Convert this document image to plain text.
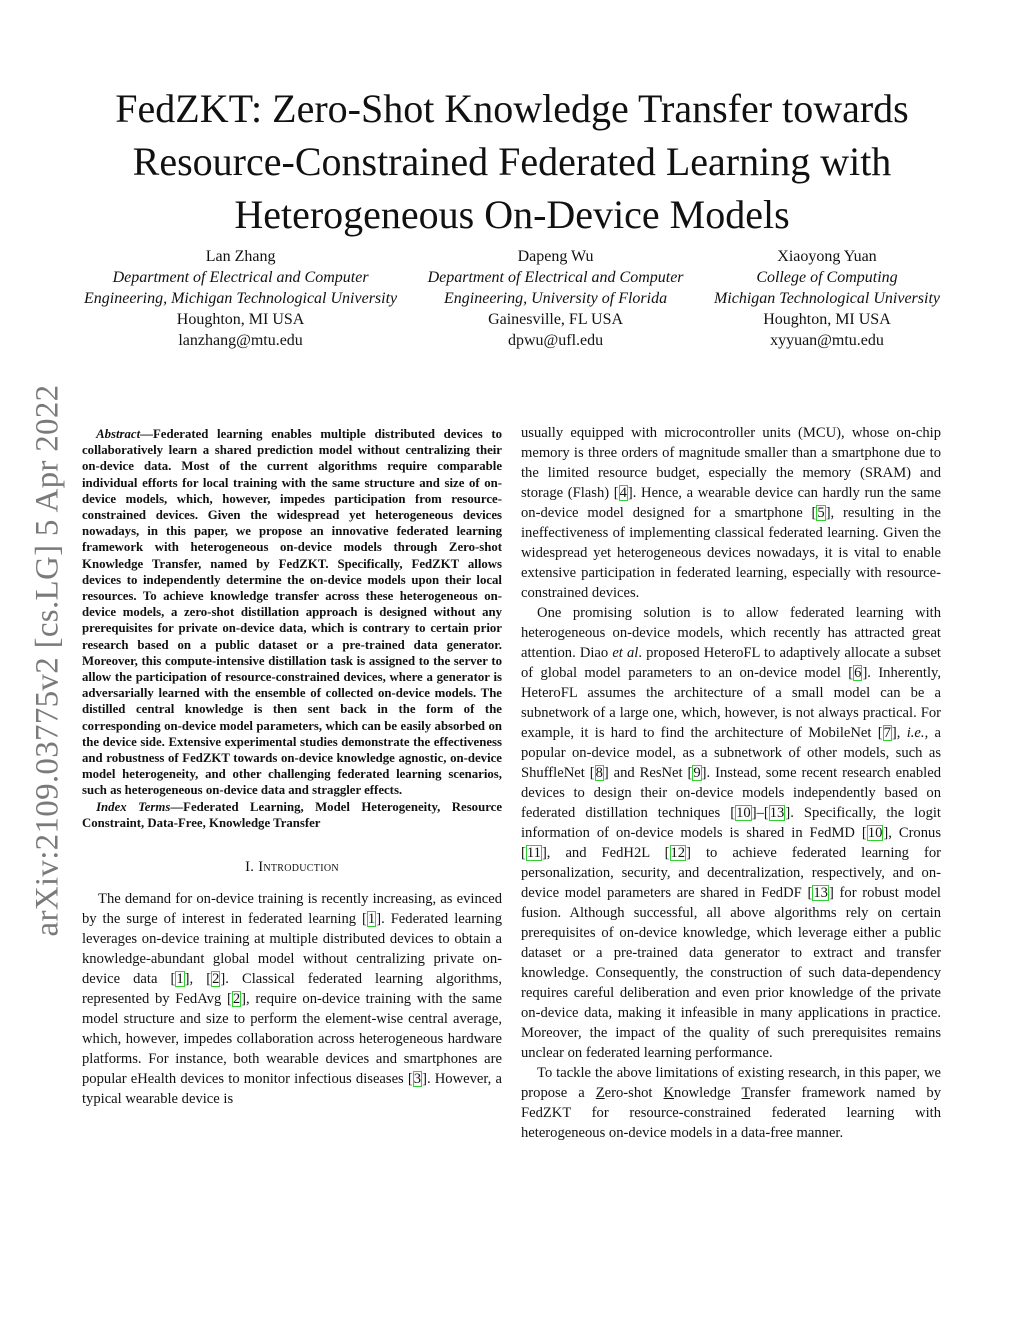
arXiv:2109.03775v2 [cs.LG] 5 Apr 2022
FedZKT: Zero-Shot Knowledge Transfer towards
Resource-Constrained Federated Learning with
Heterogeneous On-Device Models
Lan Zhang
Department of Electrical and Computer
Engineering, Michigan Technological University
Houghton, MI USA
lanzhang@mtu.edu
Dapeng Wu
Department of Electrical and Computer
Engineering, University of Florida
Gainesville, FL USA
dpwu@ufl.edu
Xiaoyong Yuan
College of Computing
Michigan Technological University
Houghton, MI USA
xyyuan@mtu.edu

Abstract—Federated learning enables multiple distributed devices to collaboratively learn a shared prediction model without centralizing their on-device data. Most of the current algorithms require comparable individual efforts for local training with the same structure and size of on-device models, which, however, impedes participation from resource-constrained devices. Given the widespread yet heterogeneous devices nowadays, in this paper, we propose an innovative federated learning framework with heterogeneous on-device models through Zero-shot Knowledge Transfer, named by FedZKT. Specifically, FedZKT allows devices to independently determine the on-device models upon their local resources. To achieve knowledge transfer across these heterogeneous on-device models, a zero-shot distillation approach is designed without any prerequisites for private on-device data, which is contrary to certain prior research based on a public dataset or a pre-trained data generator. Moreover, this compute-intensive distillation task is assigned to the server to allow the participation of resource-constrained devices, where a generator is adversarially learned with the ensemble of collected on-device models. The distilled central knowledge is then sent back in the form of the corresponding on-device model parameters, which can be easily absorbed on the device side. Extensive experimental studies demonstrate the effectiveness and robustness of FedZKT towards on-device knowledge agnostic, on-device model heterogeneity, and other challenging federated learning scenarios, such as heterogeneous on-device data and straggler effects.

Index Terms—Federated Learning, Model Heterogeneity, Resource Constraint, Data-Free, Knowledge Transfer

I. Introduction

The demand for on-device training is recently increasing, as evinced by the surge of interest in federated learning [1]. Federated learning leverages on-device training at multiple distributed devices to obtain a knowledge-abundant global model without centralizing private on-device data [1], [2]. Classical federated learning algorithms, represented by FedAvg [2], require on-device training with the same model structure and size to perform the element-wise central average, which, however, impedes collaboration across heterogeneous hardware platforms. For instance, both wearable devices and smartphones are popular eHealth devices to monitor infectious diseases [3]. However, a typical wearable device is

usually equipped with microcontroller units (MCU), whose on-chip memory is three orders of magnitude smaller than a smartphone due to the limited resource budget, especially the memory (SRAM) and storage (Flash) [4]. Hence, a wearable device can hardly run the same on-device model designed for a smartphone [5], resulting in the ineffectiveness of implementing classical federated learning. Given the widespread yet heterogeneous devices nowadays, it is vital to enable extensive participation in federated learning, especially with resource-constrained devices.

One promising solution is to allow federated learning with heterogeneous on-device models, which recently has attracted great attention. Diao et al. proposed HeteroFL to adaptively allocate a subset of global model parameters to an on-device model [6]. Inherently, HeteroFL assumes the architecture of a small model can be a subnetwork of a large one, which, however, is not always practical. For example, it is hard to find the architecture of MobileNet [7], i.e., a popular on-device model, as a subnetwork of other models, such as ShuffleNet [8] and ResNet [9]. Instead, some recent research enabled devices to design their on-device models independently based on federated distillation techniques [10]–[13]. Specifically, the logit information of on-device models is shared in FedMD [10], Cronus [11], and FedH2L [12] to achieve federated learning for personalization, security, and decentralization, respectively, and on-device model parameters are shared in FedDF [13] for robust model fusion. Although successful, all above algorithms rely on certain prerequisites of on-device knowledge, which leverage either a public dataset or a pre-trained data generator to extract and transfer knowledge. Consequently, the construction of such data-dependency requires careful deliberation and even prior knowledge of the private on-device data, making it infeasible in many applications in practice. Moreover, the impact of the quality of such prerequisites remains unclear on federated learning performance.

To tackle the above limitations of existing research, in this paper, we propose a Zero-shot Knowledge Transfer framework named by FedZKT for resource-constrained federated learning with heterogeneous on-device models in a data-free manner.
